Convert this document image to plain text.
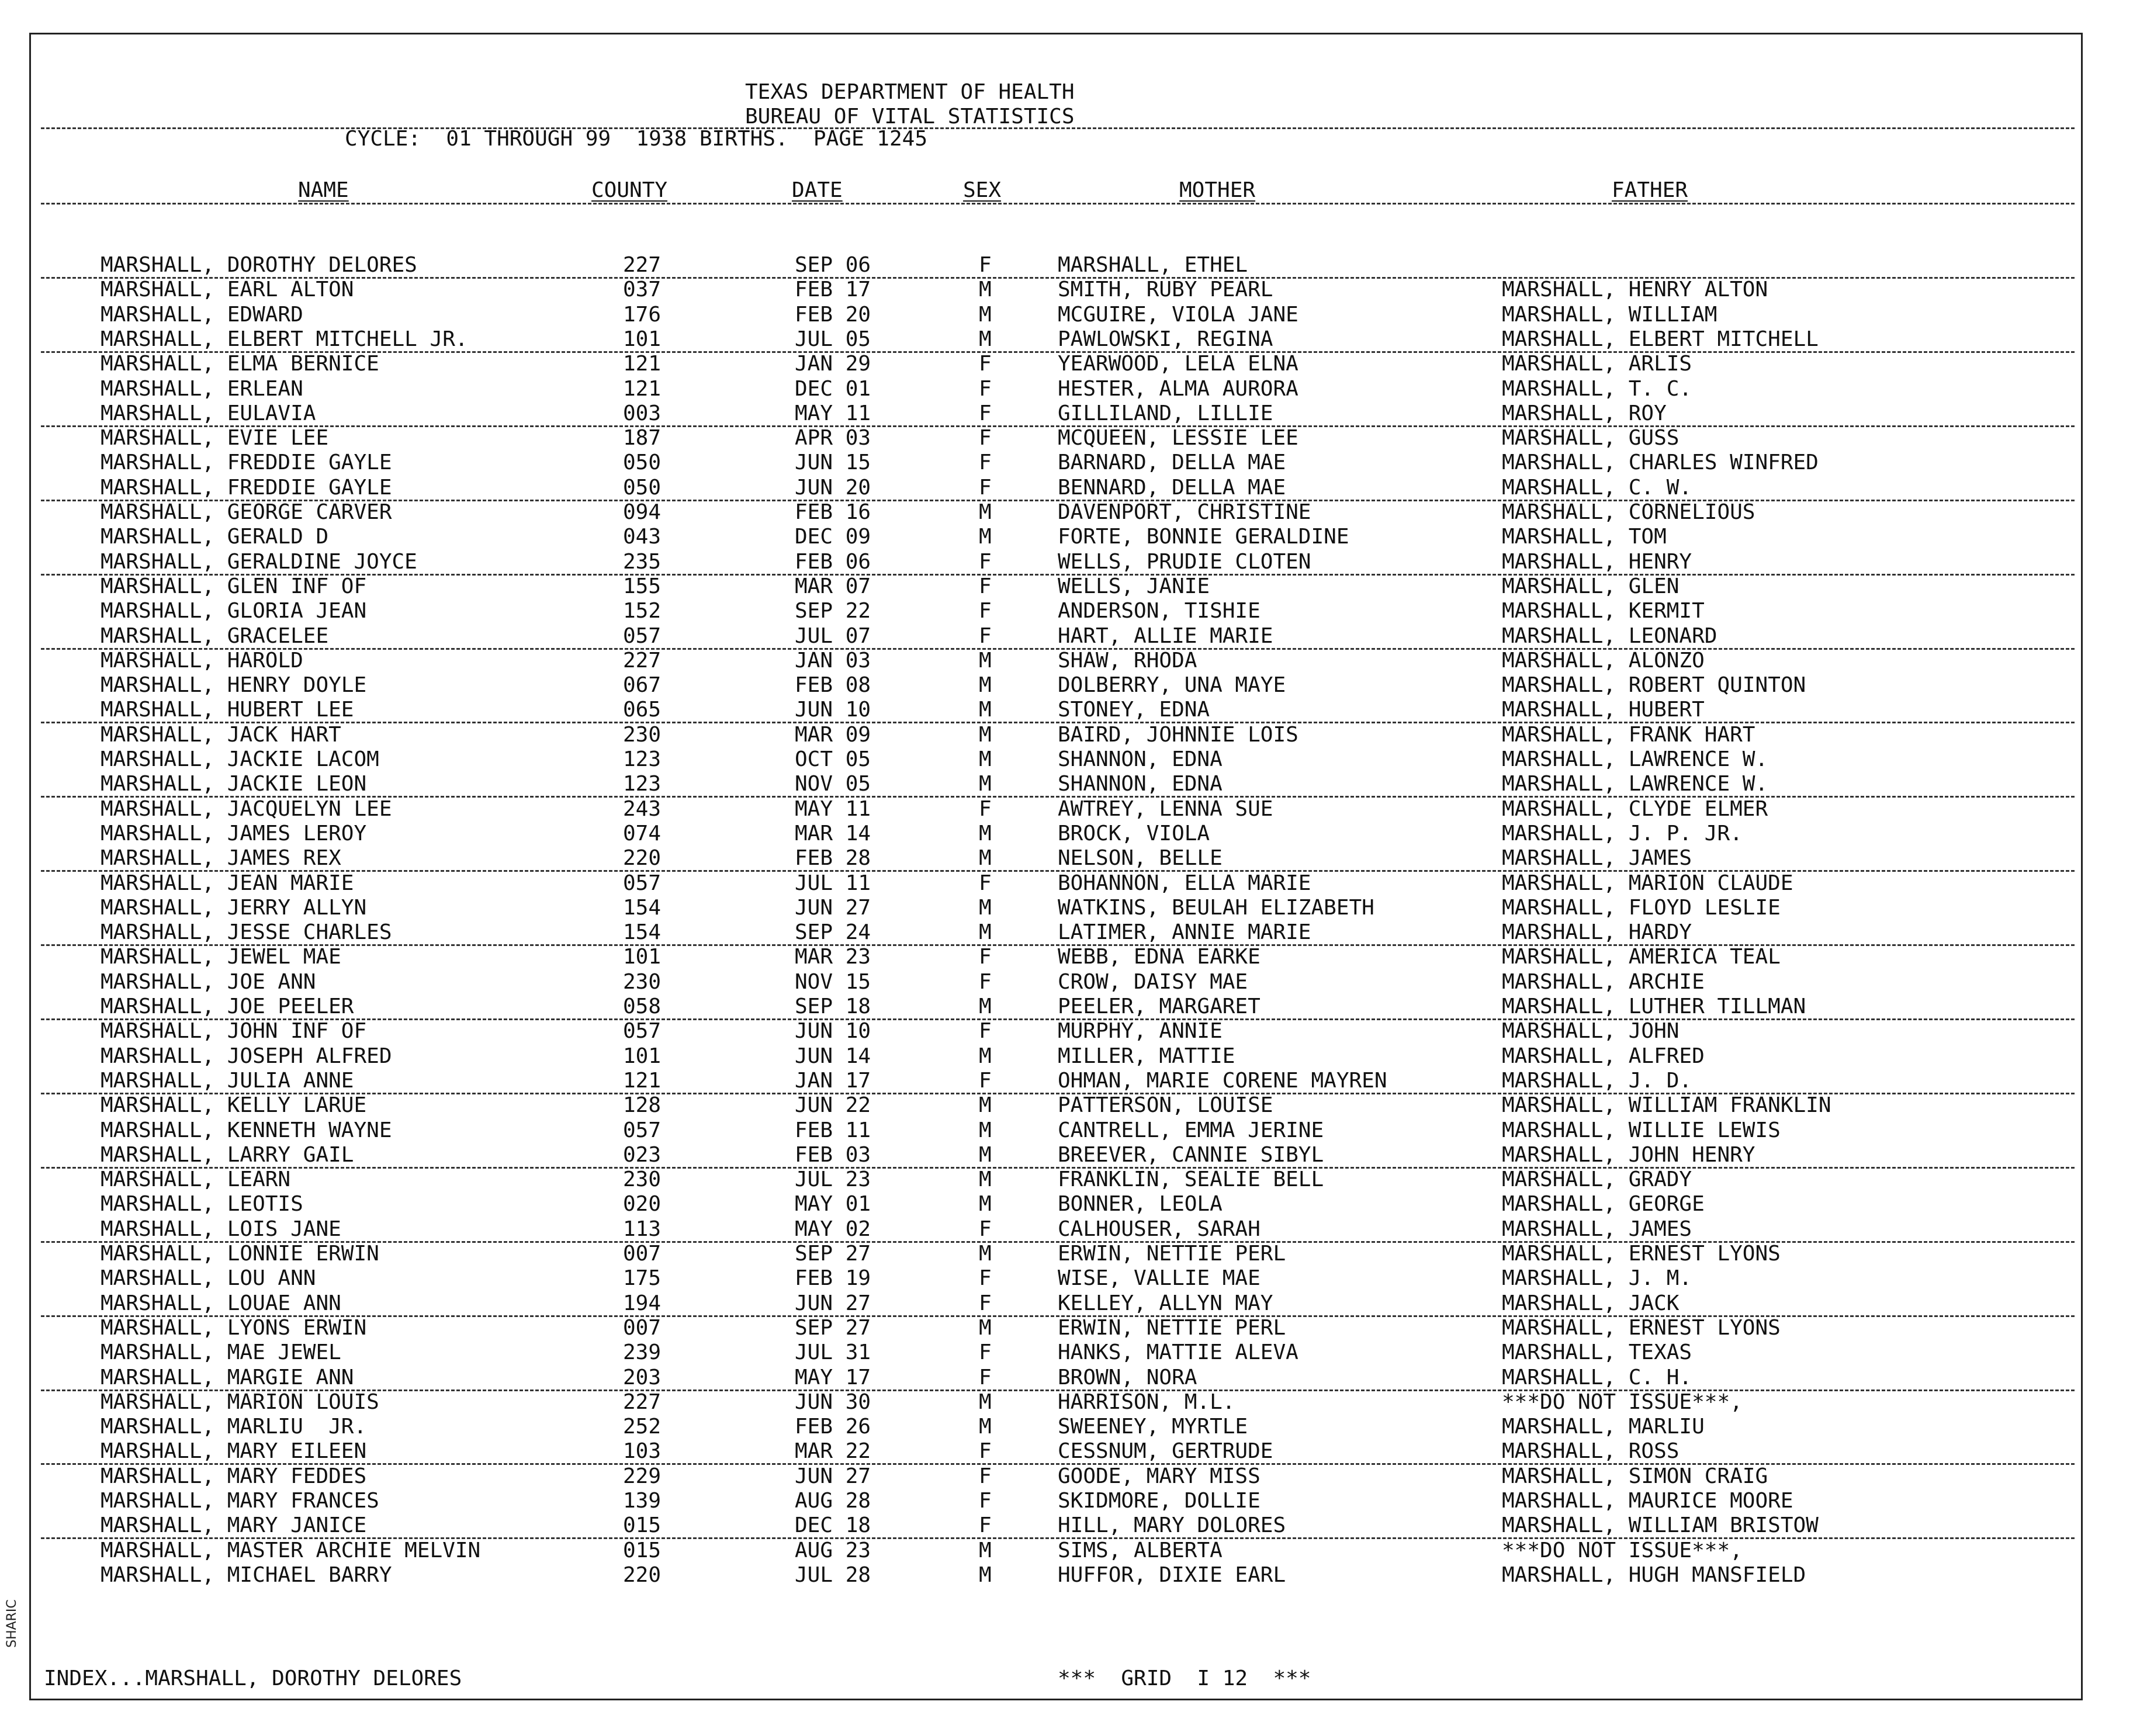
SHARIC
TEXAS DEPARTMENT OF HEALTH
BUREAU OF VITAL STATISTICS
CYCLE:  01 THROUGH 99  1938 BIRTHS.  PAGE 1245
NAME	COUNTY	DATE	SEX	MOTHER	FATHER
MARSHALL, DOROTHY DELORES	227	SEP 06	F	MARSHALL, ETHEL
MARSHALL, EARL ALTON	037	FEB 17	M	SMITH, RUBY PEARL	MARSHALL, HENRY ALTON
MARSHALL, EDWARD	176	FEB 20	M	MCGUIRE, VIOLA JANE	MARSHALL, WILLIAM
MARSHALL, ELBERT MITCHELL JR.	101	JUL 05	M	PAWLOWSKI, REGINA	MARSHALL, ELBERT MITCHELL
MARSHALL, ELMA BERNICE	121	JAN 29	F	YEARWOOD, LELA ELNA	MARSHALL, ARLIS
MARSHALL, ERLEAN	121	DEC 01	F	HESTER, ALMA AURORA	MARSHALL, T. C.
MARSHALL, EULAVIA	003	MAY 11	F	GILLILAND, LILLIE	MARSHALL, ROY
MARSHALL, EVIE LEE	187	APR 03	F	MCQUEEN, LESSIE LEE	MARSHALL, GUSS
MARSHALL, FREDDIE GAYLE	050	JUN 15	F	BARNARD, DELLA MAE	MARSHALL, CHARLES WINFRED
MARSHALL, FREDDIE GAYLE	050	JUN 20	F	BENNARD, DELLA MAE	MARSHALL, C. W.
MARSHALL, GEORGE CARVER	094	FEB 16	M	DAVENPORT, CHRISTINE	MARSHALL, CORNELIOUS
MARSHALL, GERALD D	043	DEC 09	M	FORTE, BONNIE GERALDINE	MARSHALL, TOM
MARSHALL, GERALDINE JOYCE	235	FEB 06	F	WELLS, PRUDIE CLOTEN	MARSHALL, HENRY
MARSHALL, GLEN INF OF	155	MAR 07	F	WELLS, JANIE	MARSHALL, GLEN
MARSHALL, GLORIA JEAN	152	SEP 22	F	ANDERSON, TISHIE	MARSHALL, KERMIT
MARSHALL, GRACELEE	057	JUL 07	F	HART, ALLIE MARIE	MARSHALL, LEONARD
MARSHALL, HAROLD	227	JAN 03	M	SHAW, RHODA	MARSHALL, ALONZO
MARSHALL, HENRY DOYLE	067	FEB 08	M	DOLBERRY, UNA MAYE	MARSHALL, ROBERT QUINTON
MARSHALL, HUBERT LEE	065	JUN 10	M	STONEY, EDNA	MARSHALL, HUBERT
MARSHALL, JACK HART	230	MAR 09	M	BAIRD, JOHNNIE LOIS	MARSHALL, FRANK HART
MARSHALL, JACKIE LACOM	123	OCT 05	M	SHANNON, EDNA	MARSHALL, LAWRENCE W.
MARSHALL, JACKIE LEON	123	NOV 05	M	SHANNON, EDNA	MARSHALL, LAWRENCE W.
MARSHALL, JACQUELYN LEE	243	MAY 11	F	AWTREY, LENNA SUE	MARSHALL, CLYDE ELMER
MARSHALL, JAMES LEROY	074	MAR 14	M	BROCK, VIOLA	MARSHALL, J. P. JR.
MARSHALL, JAMES REX	220	FEB 28	M	NELSON, BELLE	MARSHALL, JAMES
MARSHALL, JEAN MARIE	057	JUL 11	F	BOHANNON, ELLA MARIE	MARSHALL, MARION CLAUDE
MARSHALL, JERRY ALLYN	154	JUN 27	M	WATKINS, BEULAH ELIZABETH	MARSHALL, FLOYD LESLIE
MARSHALL, JESSE CHARLES	154	SEP 24	M	LATIMER, ANNIE MARIE	MARSHALL, HARDY
MARSHALL, JEWEL MAE	101	MAR 23	F	WEBB, EDNA EARKE	MARSHALL, AMERICA TEAL
MARSHALL, JOE ANN	230	NOV 15	F	CROW, DAISY MAE	MARSHALL, ARCHIE
MARSHALL, JOE PEELER	058	SEP 18	M	PEELER, MARGARET	MARSHALL, LUTHER TILLMAN
MARSHALL, JOHN INF OF	057	JUN 10	F	MURPHY, ANNIE	MARSHALL, JOHN
MARSHALL, JOSEPH ALFRED	101	JUN 14	M	MILLER, MATTIE	MARSHALL, ALFRED
MARSHALL, JULIA ANNE	121	JAN 17	F	OHMAN, MARIE CORENE MAYREN	MARSHALL, J. D.
MARSHALL, KELLY LARUE	128	JUN 22	M	PATTERSON, LOUISE	MARSHALL, WILLIAM FRANKLIN
MARSHALL, KENNETH WAYNE	057	FEB 11	M	CANTRELL, EMMA JERINE	MARSHALL, WILLIE LEWIS
MARSHALL, LARRY GAIL	023	FEB 03	M	BREEVER, CANNIE SIBYL	MARSHALL, JOHN HENRY
MARSHALL, LEARN	230	JUL 23	M	FRANKLIN, SEALIE BELL	MARSHALL, GRADY
MARSHALL, LEOTIS	020	MAY 01	M	BONNER, LEOLA	MARSHALL, GEORGE
MARSHALL, LOIS JANE	113	MAY 02	F	CALHOUSER, SARAH	MARSHALL, JAMES
MARSHALL, LONNIE ERWIN	007	SEP 27	M	ERWIN, NETTIE PERL	MARSHALL, ERNEST LYONS
MARSHALL, LOU ANN	175	FEB 19	F	WISE, VALLIE MAE	MARSHALL, J. M.
MARSHALL, LOUAE ANN	194	JUN 27	F	KELLEY, ALLYN MAY	MARSHALL, JACK
MARSHALL, LYONS ERWIN	007	SEP 27	M	ERWIN, NETTIE PERL	MARSHALL, ERNEST LYONS
MARSHALL, MAE JEWEL	239	JUL 31	F	HANKS, MATTIE ALEVA	MARSHALL, TEXAS
MARSHALL, MARGIE ANN	203	MAY 17	F	BROWN, NORA	MARSHALL, C. H.
MARSHALL, MARION LOUIS	227	JUN 30	M	HARRISON, M.L.	***DO NOT ISSUE***,
MARSHALL, MARLIU  JR.	252	FEB 26	M	SWEENEY, MYRTLE	MARSHALL, MARLIU
MARSHALL, MARY EILEEN	103	MAR 22	F	CESSNUM, GERTRUDE	MARSHALL, ROSS
MARSHALL, MARY FEDDES	229	JUN 27	F	GOODE, MARY MISS	MARSHALL, SIMON CRAIG
MARSHALL, MARY FRANCES	139	AUG 28	F	SKIDMORE, DOLLIE	MARSHALL, MAURICE MOORE
MARSHALL, MARY JANICE	015	DEC 18	F	HILL, MARY DOLORES	MARSHALL, WILLIAM BRISTOW
MARSHALL, MASTER ARCHIE MELVIN	015	AUG 23	M	SIMS, ALBERTA	***DO NOT ISSUE***,
MARSHALL, MICHAEL BARRY	220	JUL 28	M	HUFFOR, DIXIE EARL	MARSHALL, HUGH MANSFIELD
INDEX...MARSHALL, DOROTHY DELORES	***  GRID  I 12  ***
